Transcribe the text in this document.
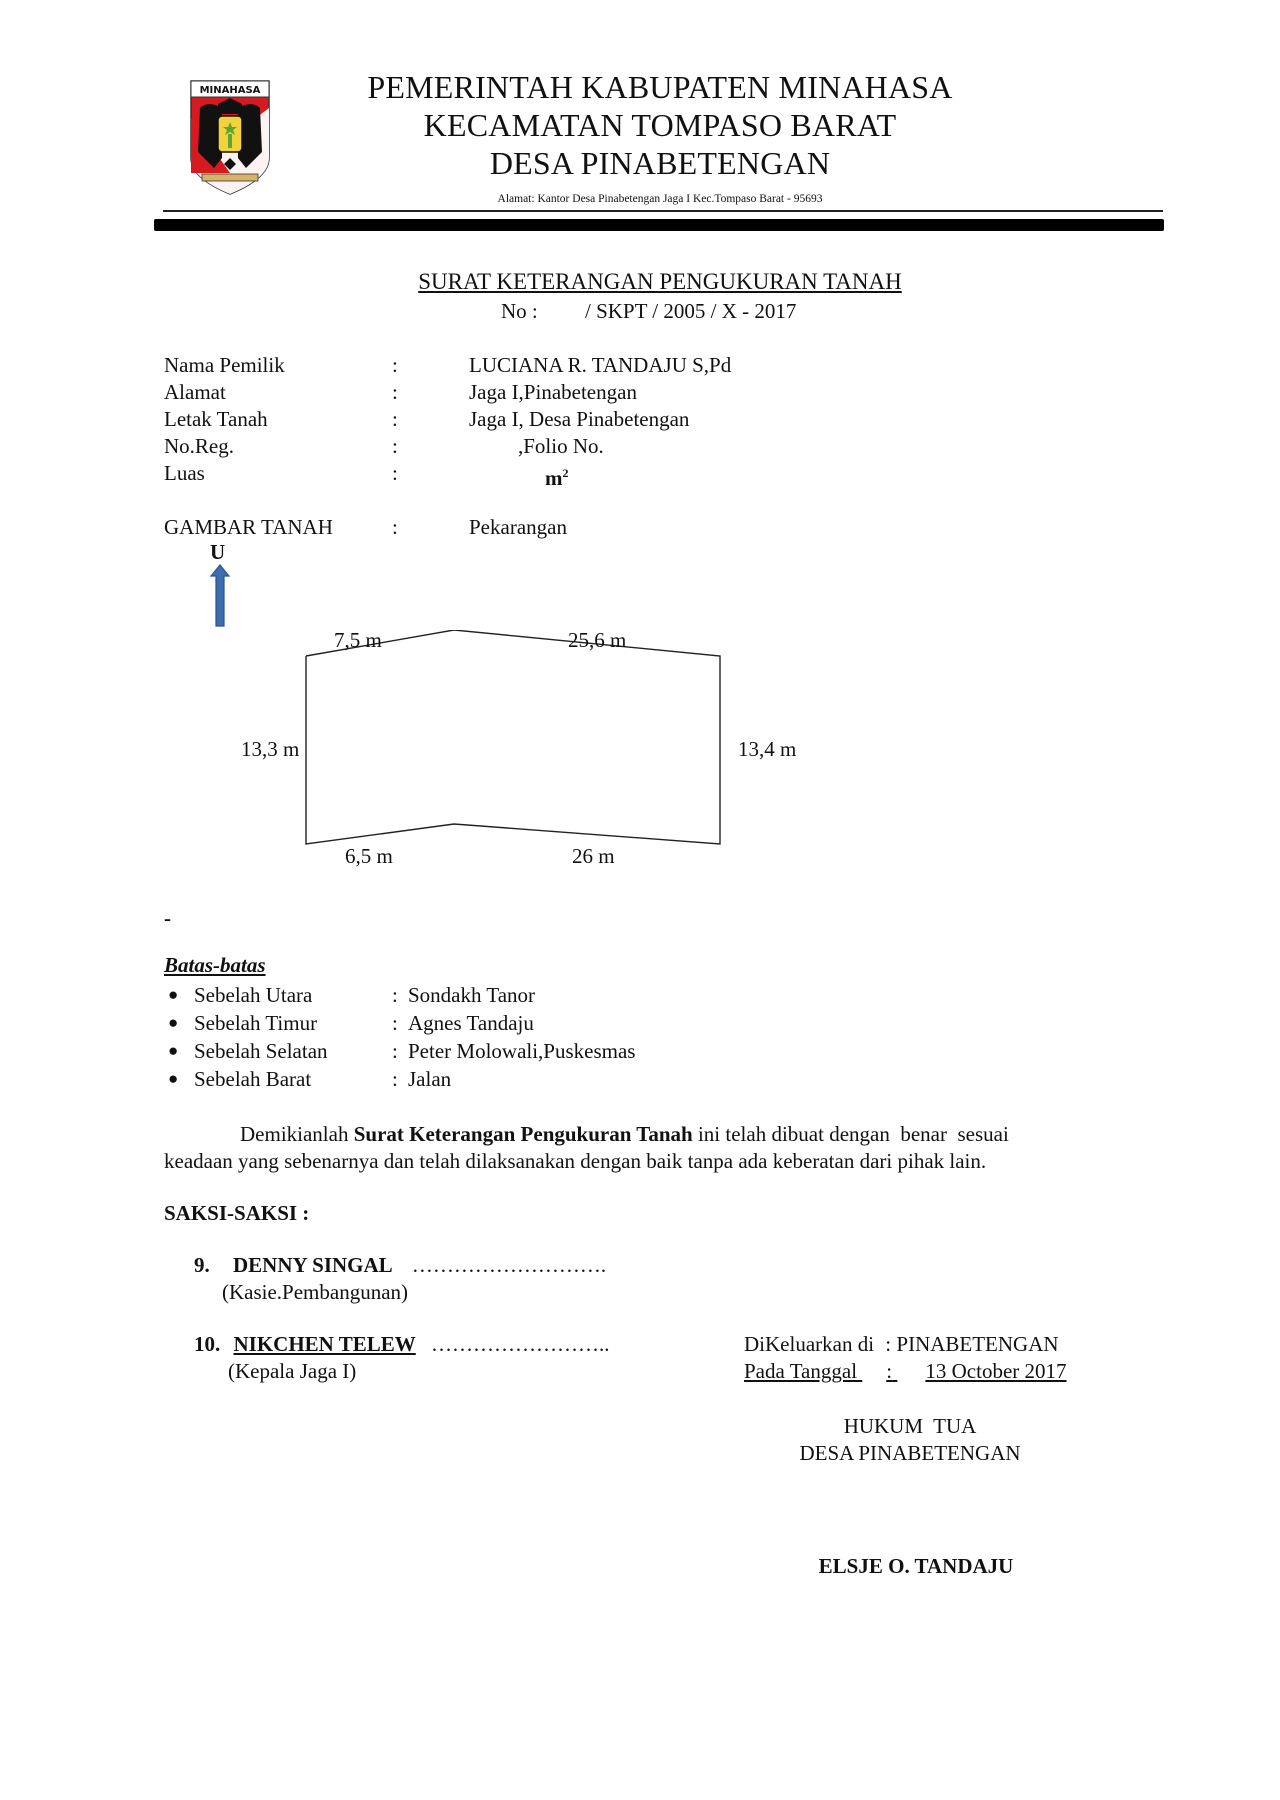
MINAHASA	PEMERINTAH KABUPATEN MINAHASA
KECAMATAN TOMPASO BARAT
DESA PINABETENGAN
Alamat: Kantor Desa Pinabetengan Jaga I Kec.Tompaso Barat - 95693
SURAT KETERANGAN PENGUKURAN TANAH
No : / SKPT / 2005 / X - 2017
Nama Pemilik	:	LUCIANA R. TANDAJU S,Pd
Alamat	:	Jaga I,Pinabetengan
Letak Tanah	:	Jaga I, Desa Pinabetengan
No.Reg.	:	,Folio No.
Luas	:	$m^2$
GAMBAR TANAH	:	Pekarangan
U
7,5 m	25,6 m
13,3 m	13,4 m
6,5 m	26 m
-
Batas-batas
● Sebelah Utara	: Sondakh Tanor
● Sebelah Timur	: Agnes Tandaju
● Sebelah Selatan	: Peter Molowali,Puskesmas
● Sebelah Barat	: Jalan
Demikianlah Surat Keterangan Pengukuran Tanah ini telah dibuat dengan  benar  sesuai
keadaan yang sebenarnya dan telah dilaksanakan dengan baik tanpa ada keberatan dari pihak lain.
SAKSI-SAKSI :
9. DENNY SINGAL ……………………….
(Kasie.Pembangunan)
10. NIKCHEN TELEW ……………………..
(Kepala Jaga I)
DiKeluarkan di : PINABETENGAN
Pada Tanggal : 13 October 2017
HUKUM  TUA
DESA PINABETENGAN
ELSJE O. TANDAJU
